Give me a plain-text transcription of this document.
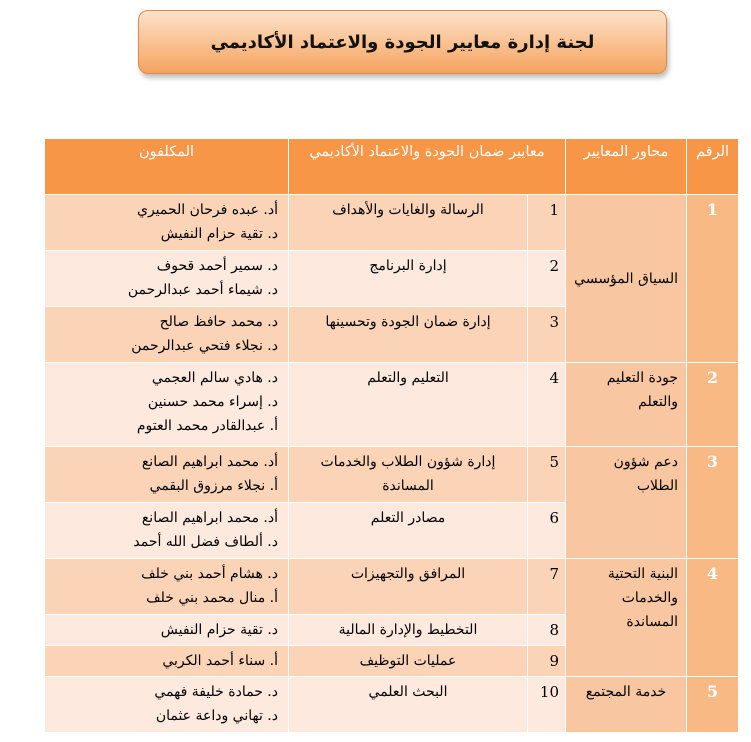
لجنة إدارة معايير الجودة والاعتماد الأكاديمي
الرقم	محاور المعايير	معايير ضمان الجودة والاعتماد الأكاديمي		المكلفون
1	السياق المؤسسي	1	الرسالة والغايات والأهداف	أد. عبده فرحان الحميري
د. تقية حزام النفيش

		2	إدارة البرنامج	د. سمير أحمد قحوف
د. شيماء أحمد عبدالرحمن

		3	إدارة ضمان الجودة وتحسينها	د. محمد حافظ صالح
د. نجلاء فتحي عبدالرحمن

2	جودة التعليم والتعلم	4	التعليم والتعلم	د. هادي سالم العجمي
د. إسراء محمد حسنين
أ. عبدالقادر محمد العتوم

3	دعم شؤون الطلاب	5	إدارة شؤون الطلاب والخدمات المساندة	أد. محمد ابراهيم الصانع
أ. نجلاء مرزوق البقمي

		6	مصادر التعلم	أد. محمد ابراهيم الصانع
د. ألطاف فضل الله أحمد

4	البنية التحتية والخدمات المساندة	7	المرافق والتجهيزات	د. هشام أحمد بني خلف
أ. منال محمد بني خلف

		8	التخطيط والإدارة المالية	د. تقية حزام النفيش

		9	عمليات التوظيف	أ. سناء أحمد الكربي

5	خدمة المجتمع	10	البحث العلمي	د. حمادة خليفة فهمي
د. تهاني وداعة عثمان
